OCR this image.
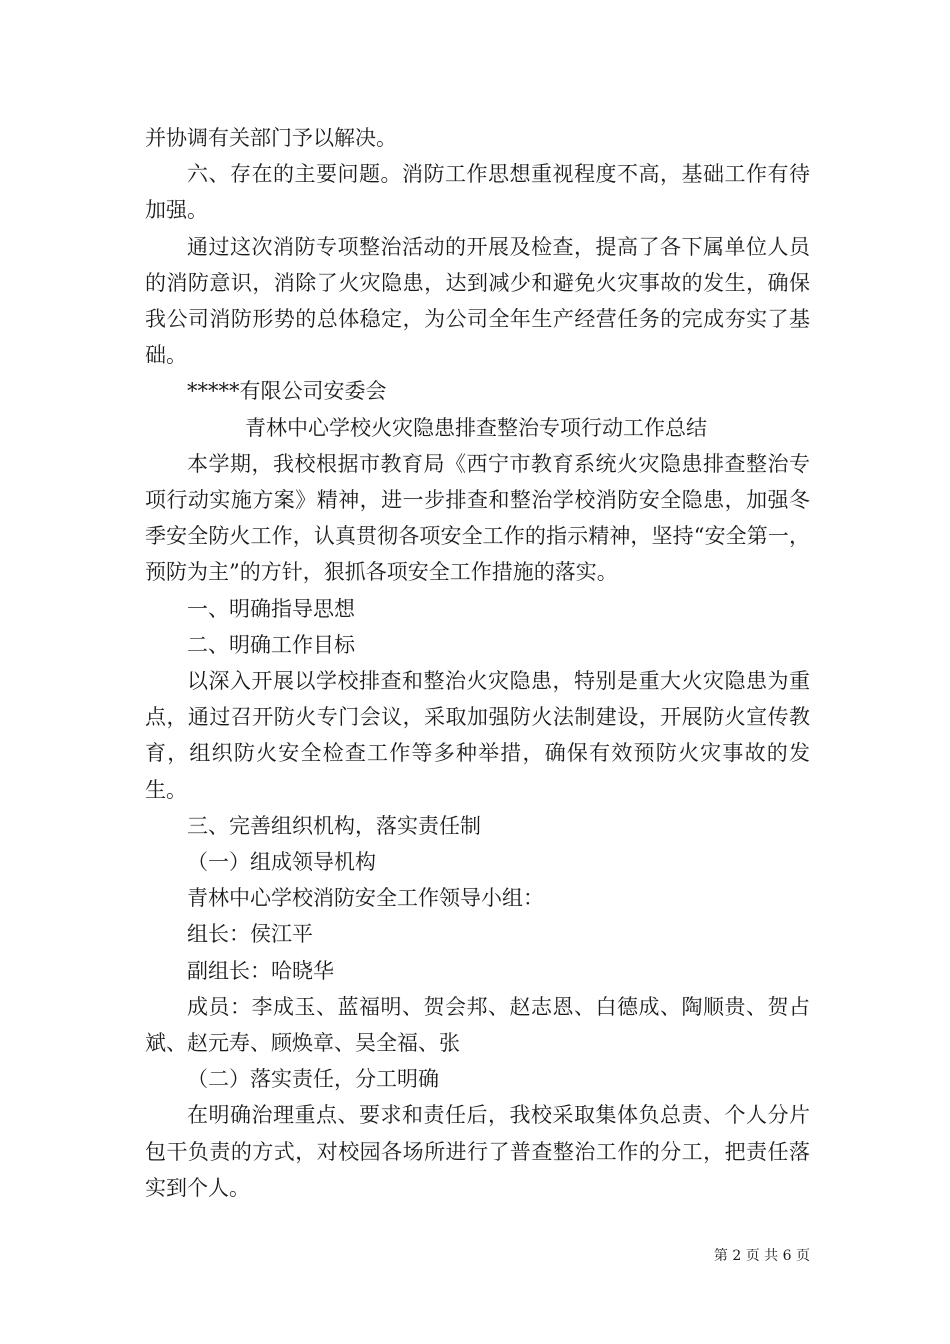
并协调有关部门予以解决。

六、存在的主要问题。消防工作思想重视程度不高，基础工作有待加强。

通过这次消防专项整治活动的开展及检查，提高了各下属单位人员的消防意识，消除了火灾隐患，达到减少和避免火灾事故的发生，确保我公司消防形势的总体稳定，为公司全年生产经营任务的完成夯实了基础。

*****有限公司安委会

青林中心学校火灾隐患排查整治专项行动工作总结

本学期，我校根据市教育局《西宁市教育系统火灾隐患排查整治专项行动实施方案》精神，进一步排查和整治学校消防安全隐患，加强冬季安全防火工作，认真贯彻各项安全工作的指示精神，坚持“安全第一，预防为主”的方针，狠抓各项安全工作措施的落实。

一、明确指导思想

二、明确工作目标

以深入开展以学校排查和整治火灾隐患，特别是重大火灾隐患为重点，通过召开防火专门会议，采取加强防火法制建设，开展防火宣传教育，组织防火安全检查工作等多种举措，确保有效预防火灾事故的发生。

三、完善组织机构，落实责任制

（一）组成领导机构

青林中心学校消防安全工作领导小组：

组长：侯江平

副组长：哈晓华

成员：李成玉、蓝福明、贺会邦、赵志恩、白德成、陶顺贵、贺占斌、赵元寿、顾焕章、吴全福、张

（二）落实责任，分工明确

在明确治理重点、要求和责任后，我校采取集体负总责、个人分片包干负责的方式，对校园各场所进行了普查整治工作的分工，把责任落实到个人。

第 2 页 共 6 页
